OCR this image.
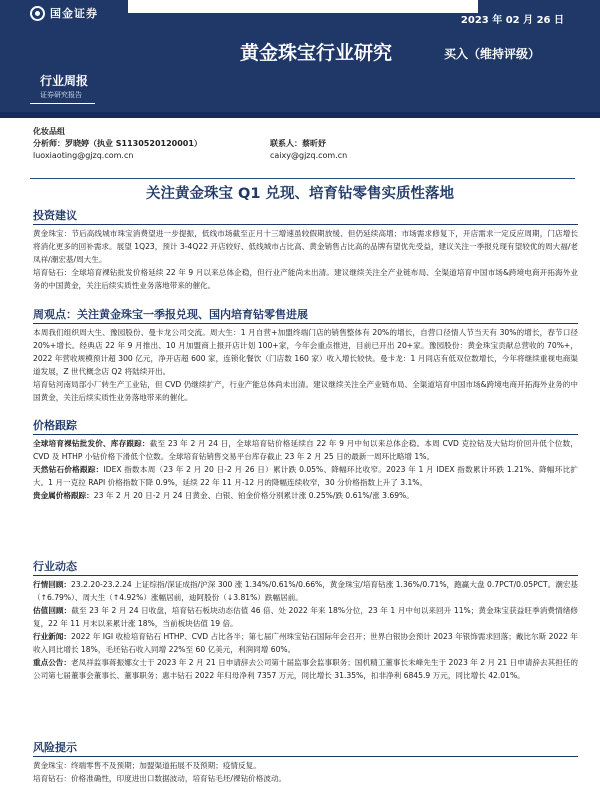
国金证券
2023 年 02 月 26 日
黄金珠宝行业研究	买入（维持评级）
行业周报
证券研究报告
化妆品组
分析师：罗晓婷（执业 S1130520120001）	联系人： 蔡昕妤
luoxiaoting@gjzq.com.cn	caixy@gjzq.com.cn
关注黄金珠宝 Q1 兑现、培育钻零售实质性落地
投资建议

黄金珠宝：节后高线城市珠宝消费望进一步提振，低线市场截至正月十三增速虽较假期放缓、但仍延续高增；市场需求修复下，开店需求一定反应周期，门店增长将消化更多的回补需求。展望 1Q23，预计 3-4Q22 开店较好、低线城市占比高、黄金销售占比高的品牌有望优先受益，建议关注一季报兑现有望较优的周大福/老凤祥/潮宏基/周大生。

培育钻石：全球培育裸钻批发价格延续 22 年 9 月以来总体企稳，但行业产能尚未出清。建议继续关注全产业链布局、全渠道培育中国市场&跨境电商开拓海外业务的中国黄金，关注后续实质性业务落地带来的催化。

周观点：关注黄金珠宝一季报兑现、国内培育钻零售进展

本周我们组织周大生、豫园股份、曼卡龙公司交流。周大生：1 月自营+加盟终端门店的销售整体有 20%的增长，自营口径情人节当天有 30%的增长，春节口径 20%+增长。经典店 22 年 9 月推出、10 月加盟商上报开店计划 100+家，今年会重点推进，目前已开出 20+家。豫园股份：黄金珠宝贡献总营收的 70%+，2022 年营收规模预计超 300 亿元，净开店超 600 家，连锁化餐饮（门店数 160 家）收入增长较快。曼卡龙：1 月同店有低双位数增长，今年将继续重视电商渠道发展，Z 世代概念店 Q2 将陆续开出。

培育钻河南局部小厂转生产工业钻，但 CVD 仍继续扩产，行业产能总体尚未出清。建议继续关注全产业链布局、全渠道培育中国市场&跨境电商开拓海外业务的中国黄金，关注后续实质性业务落地带来的催化。

价格跟踪

全球培育裸钻批发价、库存跟踪：截至 23 年 2 月 24 日，全球培育钻价格延续自 22 年 9 月中旬以来总体企稳。本周 CVD 克拉钻及大钻均价回升低个位数，CVD 及 HTHP 小钻价格下滑低个位数。全球培育钻销售交易平台库存截止 23 年 2 月 25 日的最新一周环比略增 1%。

天然钻石价格跟踪：IDEX 指数本周（23 年 2 月 20 日-2 月 26 日）累计跌 0.05%、降幅环比收窄。2023 年 1 月 IDEX 指数累计环跌 1.21%、降幅环比扩大。1 月一克拉 RAPI 价格指数下降 0.9%，延续 22 年 11 月-12 月的降幅连续收窄，30 分价格指数上升了 3.1%。

贵金属价格跟踪：23 年 2 月 20 日-2 月 24 日黄金、白银、铂金价格分别累计涨 0.25%/跌 0.61%/涨 3.69%。

行业动态

行情回顾：23.2.20-23.2.24 上证综指/深证成指/沪深 300 涨 1.34%/0.61%/0.66%，黄金珠宝/培育钻涨 1.36%/0.71%，跑赢大盘 0.7PCT/0.05PCT。潮宏基（↑6.79%）、周大生（↑4.92%）涨幅居前，迪阿股份（↓3.81%）跌幅居前。

估值回顾：截至 23 年 2 月 24 日收盘，培育钻石板块动态估值 46 倍、处 2022 年来 18%分位，23 年 1 月中旬以来回升 11%；黄金珠宝获益旺季消费情绪修复，22 年 11 月末以来累计涨 18%，当前板块估值 19 倍。

行业新闻：2022 年 IGI 收检培育钻石 HTHP、CVD 占比各半；第七届广州珠宝钻石国际年会召开；世界白银协会预计 2023 年银饰需求回落；戴比尔斯 2022 年收入同比增长 18%，毛坯钻石收入同增 22%至 60 亿美元，利润同增 60%。

重点公告：老凤祥监事蒋振娜女士于 2023 年 2 月 21 日申请辞去公司第十届监事会监事职务；国机精工董事长未峰先生于 2023 年 2 月 21 日申请辞去其担任的公司第七届董事会董事长、董事职务；惠丰钻石 2022 年归母净利 7357 万元，同比增长 31.35%，扣非净利 6845.9 万元，同比增长 42.01%。

风险提示

黄金珠宝：终端零售不及预期；加盟渠道拓展不及预期；疫情反复。

培育钻石：价格准确性，印度进出口数据波动，培育钻毛坯/裸钻价格波动。
